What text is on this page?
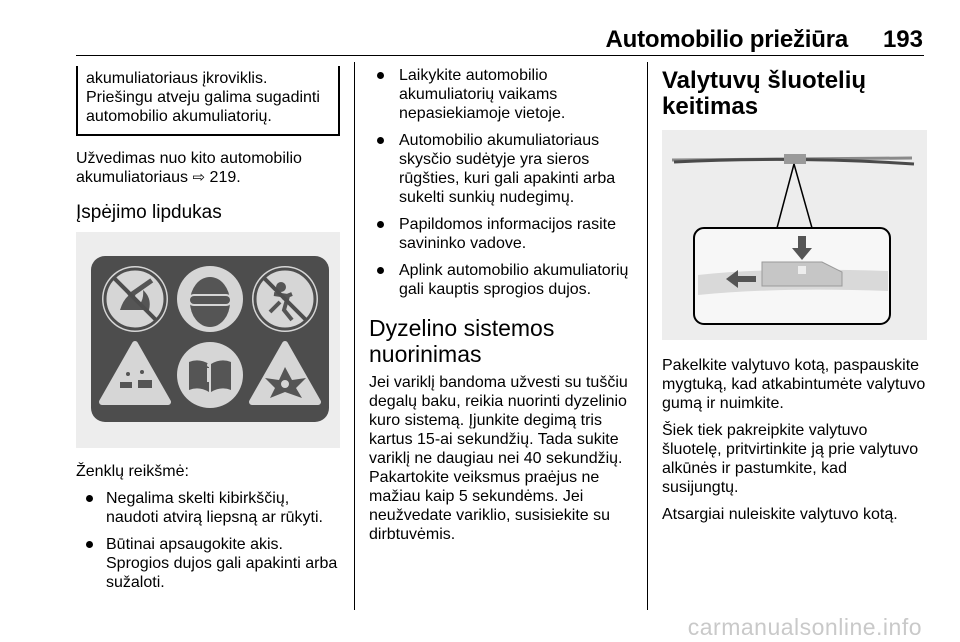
Automobilio priežiūra 193

akumuliatoriaus įkroviklis. Priešingu atveju galima sugadinti automobilio akumuliatorių.

Užvedimas nuo kito automobilio akumuliatoriaus ⇨ 219.

Įspėjimo lipdukas

Ženklų reikšmė:

Negalima skelti kibirkščių, naudoti atvirą liepsną ar rūkyti.
Būtinai apsaugokite akis. Sprogios dujos gali apakinti arba sužaloti.
Laikykite automobilio akumuliatorių vaikams nepasiekiamoje vietoje.
Automobilio akumuliatoriaus skysčio sudėtyje yra sieros rūgšties, kuri gali apakinti arba sukelti sunkių nudegimų.
Papildomos informacijos rasite savininko vadove.
Aplink automobilio akumuliatorių gali kauptis sprogios dujos.
Dyzelino sistemos nuorinimas

Jei variklį bandoma užvesti su tuščiu degalų baku, reikia nuorinti dyzelinio kuro sistemą. Įjunkite degimą tris kartus 15-ai sekundžių. Tada sukite variklį ne daugiau nei 40 sekundžių. Pakartokite veiksmus praėjus ne mažiau kaip 5 sekundėms. Jei neužvedate variklio, susisiekite su dirbtuvėmis.

Valytuvų šluotelių keitimas

Pakelkite valytuvo kotą, paspauskite mygtuką, kad atkabintumėte valytuvo gumą ir nuimkite.

Šiek tiek pakreipkite valytuvo šluotelę, pritvirtinkite ją prie valytuvo alkūnės ir pastumkite, kad susijungtų.

Atsargiai nuleiskite valytuvo kotą.

carmanualsonline.info
